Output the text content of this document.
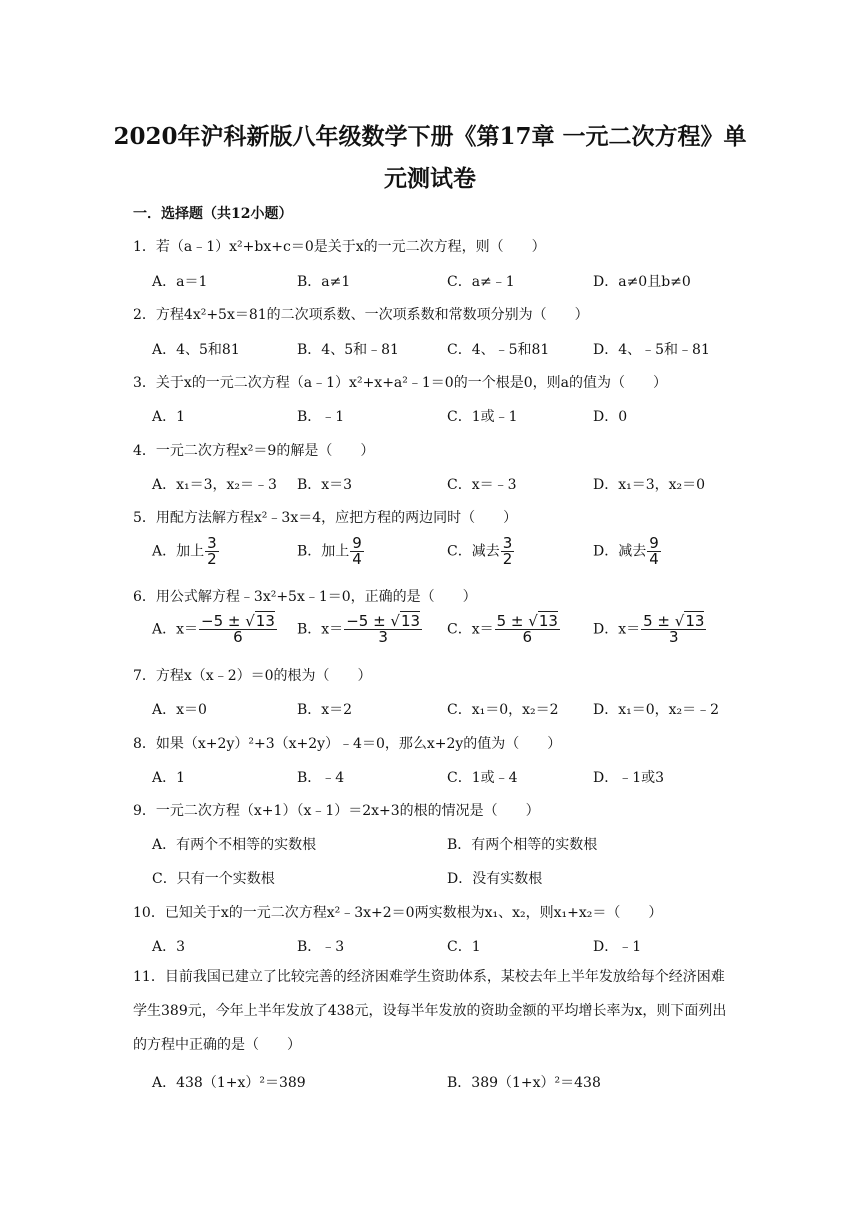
2020年沪科新版八年级数学下册《第17章 一元二次方程》单
元测试卷
一．选择题（共12小题）
1．若（a﹣1）x²+bx+c＝0是关于x的一元二次方程，则（　　）
A．a＝1	B．a≠1	C．a≠﹣1	D．a≠0且b≠0
2．方程4x²+5x＝81的二次项系数、一次项系数和常数项分别为（　　）
A．4、5和81	B．4、5和﹣81	C．4、﹣5和81	D．4、﹣5和﹣81
3．关于x的一元二次方程（a﹣1）x²+x+a²﹣1＝0的一个根是0，则a的值为（　　）
A．1	B．﹣1	C．1或﹣1	D．0
4．一元二次方程x²＝9的解是（　　）
A．x₁＝3，x₂＝﹣3 B．x＝3	C．x＝﹣3	D．x₁＝3，x₂＝0
5．用配方法解方程x²﹣3x＝4，应把方程的两边同时（　　）
A．加上 $\frac{3}{2}$	B．加上 $\frac{9}{4}$	C．减去 $\frac{3}{2}$	D．减去 $\frac{9}{4}$
6．用公式解方程﹣3x²+5x﹣1＝0，正确的是（　　）
A．$x= \frac{-5 \pm √13}{6}$ B．$x= \frac{-5 \pm √13}{3}$ C．$x= \frac{5 \pm √13}{6}$ D．$x= \frac{5 \pm √13}{3}$
7．方程x（x﹣2）＝0的根为（　　）
A．x＝0	B．x＝2	C．x₁＝0，x₂＝2 D．x₁＝0，x₂＝﹣2
8．如果（x+2y）²+3（x+2y）﹣4＝0，那么x+2y的值为（　　）
A．1	B．﹣4	C．1或﹣4	D．﹣1或3
9．一元二次方程（x+1）（x﹣1）＝2x+3的根的情况是（　　）
A．有两个不相等的实数根	B．有两个相等的实数根
C．只有一个实数根	D．没有实数根
10．已知关于x的一元二次方程x²﹣3x+2＝0两实数根为x₁、x₂，则x₁+x₂＝（　　）
A．3	B．﹣3	C．1	D．﹣1
11．目前我国已建立了比较完善的经济困难学生资助体系，某校去年上半年发放给每个经济困难学生389元，今年上半年发放了438元，设每半年发放的资助金额的平均增长率为x，则下面列出的方程中正确的是（　　）
A．438（1+x）²＝389	B．389（1+x）²＝438
